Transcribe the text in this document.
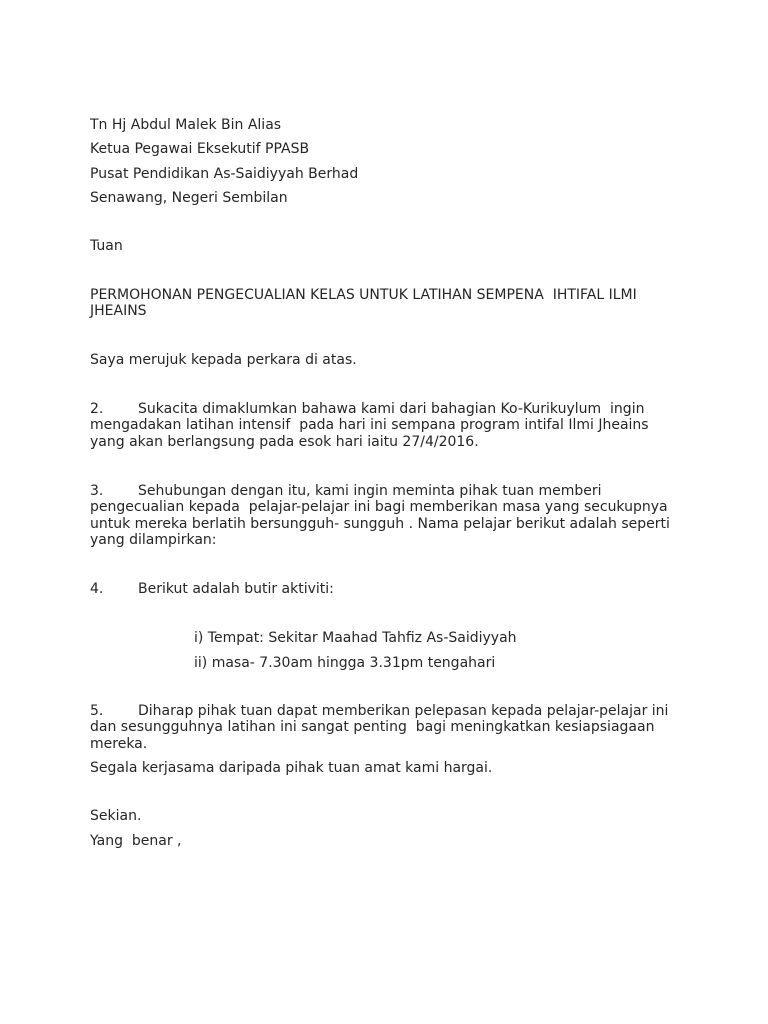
Tn Hj Abdul Malek Bin Alias
Ketua Pegawai Eksekutif PPASB
Pusat Pendidikan As-Saidiyyah Berhad
Senawang, Negeri Sembilan
Tuan
PERMOHONAN PENGECUALIAN KELAS UNTUK LATIHAN SEMPENA  IHTIFAL ILMI
JHEAINS
Saya merujuk kepada perkara di atas.
2. Sukacita dimaklumkan bahawa kami dari bahagian Ko-Kurikuylum  ingin
mengadakan latihan intensif  pada hari ini sempana program intifal Ilmi Jheains
yang akan berlangsung pada esok hari iaitu 27/4/2016.
3. Sehubungan dengan itu, kami ingin meminta pihak tuan memberi
pengecualian kepada  pelajar-pelajar ini bagi memberikan masa yang secukupnya
untuk mereka berlatih bersungguh- sungguh . Nama pelajar berikut adalah seperti
yang dilampirkan:
4. Berikut adalah butir aktiviti:
i) Tempat: Sekitar Maahad Tahfiz As-Saidiyyah
ii) masa- 7.30am hingga 3.31pm tengahari
5. Diharap pihak tuan dapat memberikan pelepasan kepada pelajar-pelajar ini
dan sesungguhnya latihan ini sangat penting  bagi meningkatkan kesiapsiagaan
mereka.
Segala kerjasama daripada pihak tuan amat kami hargai.
Sekian.
Yang  benar ,
